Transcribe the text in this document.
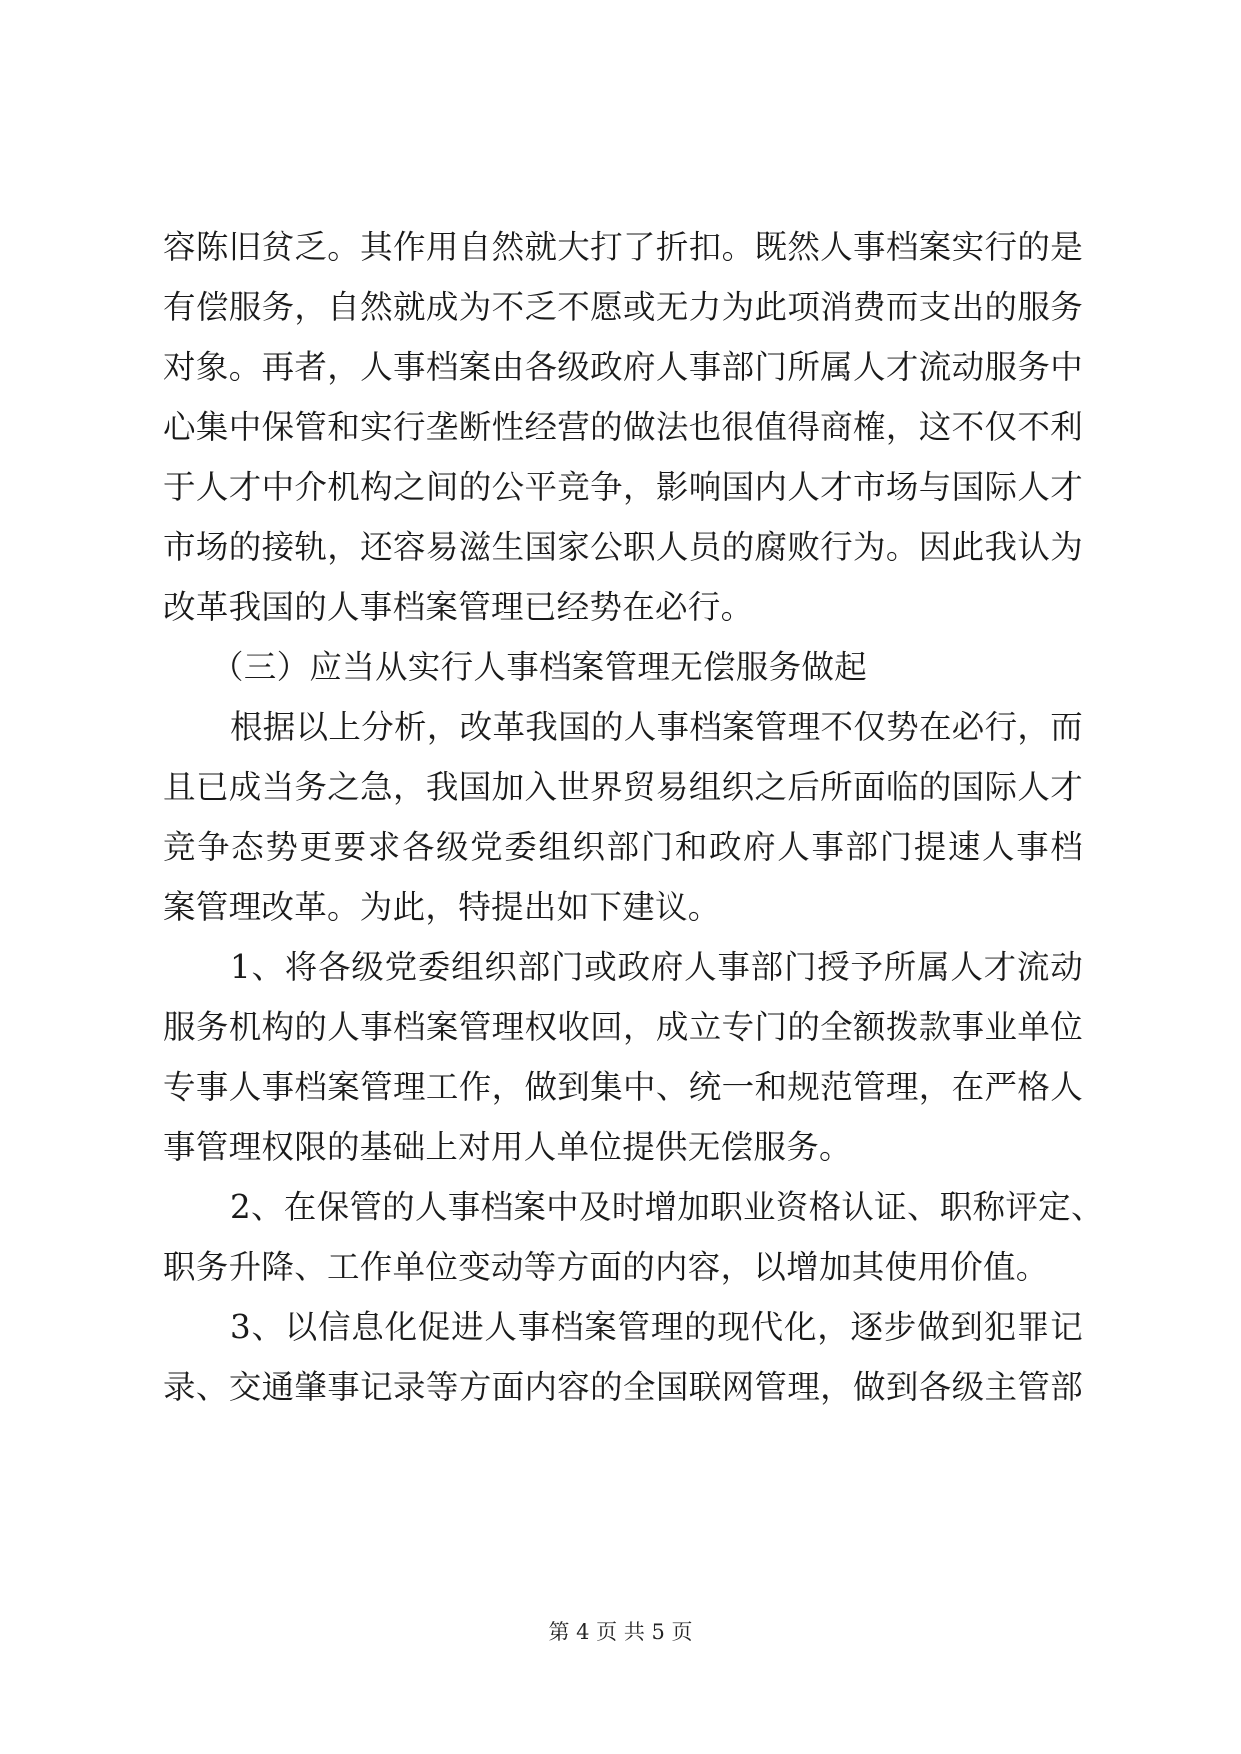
容陈旧贫乏。其作用自然就大打了折扣。既然人事档案实行的是
有偿服务，自然就成为不乏不愿或无力为此项消费而支出的服务
对象。再者，人事档案由各级政府人事部门所属人才流动服务中
心集中保管和实行垄断性经营的做法也很值得商榷，这不仅不利
于人才中介机构之间的公平竞争，影响国内人才市场与国际人才
市场的接轨，还容易滋生国家公职人员的腐败行为。因此我认为
改革我国的人事档案管理已经势在必行。
（三）应当从实行人事档案管理无偿服务做起
根据以上分析，改革我国的人事档案管理不仅势在必行，而
且已成当务之急，我国加入世界贸易组织之后所面临的国际人才
竞争态势更要求各级党委组织部门和政府人事部门提速人事档
案管理改革。为此，特提出如下建议。
1、将各级党委组织部门或政府人事部门授予所属人才流动
服务机构的人事档案管理权收回，成立专门的全额拨款事业单位
专事人事档案管理工作，做到集中、统一和规范管理，在严格人
事管理权限的基础上对用人单位提供无偿服务。
2、在保管的人事档案中及时增加职业资格认证、职称评定、
职务升降、工作单位变动等方面的内容，以增加其使用价值。
3、以信息化促进人事档案管理的现代化，逐步做到犯罪记
录、交通肇事记录等方面内容的全国联网管理，做到各级主管部
第 4 页 共 5 页
